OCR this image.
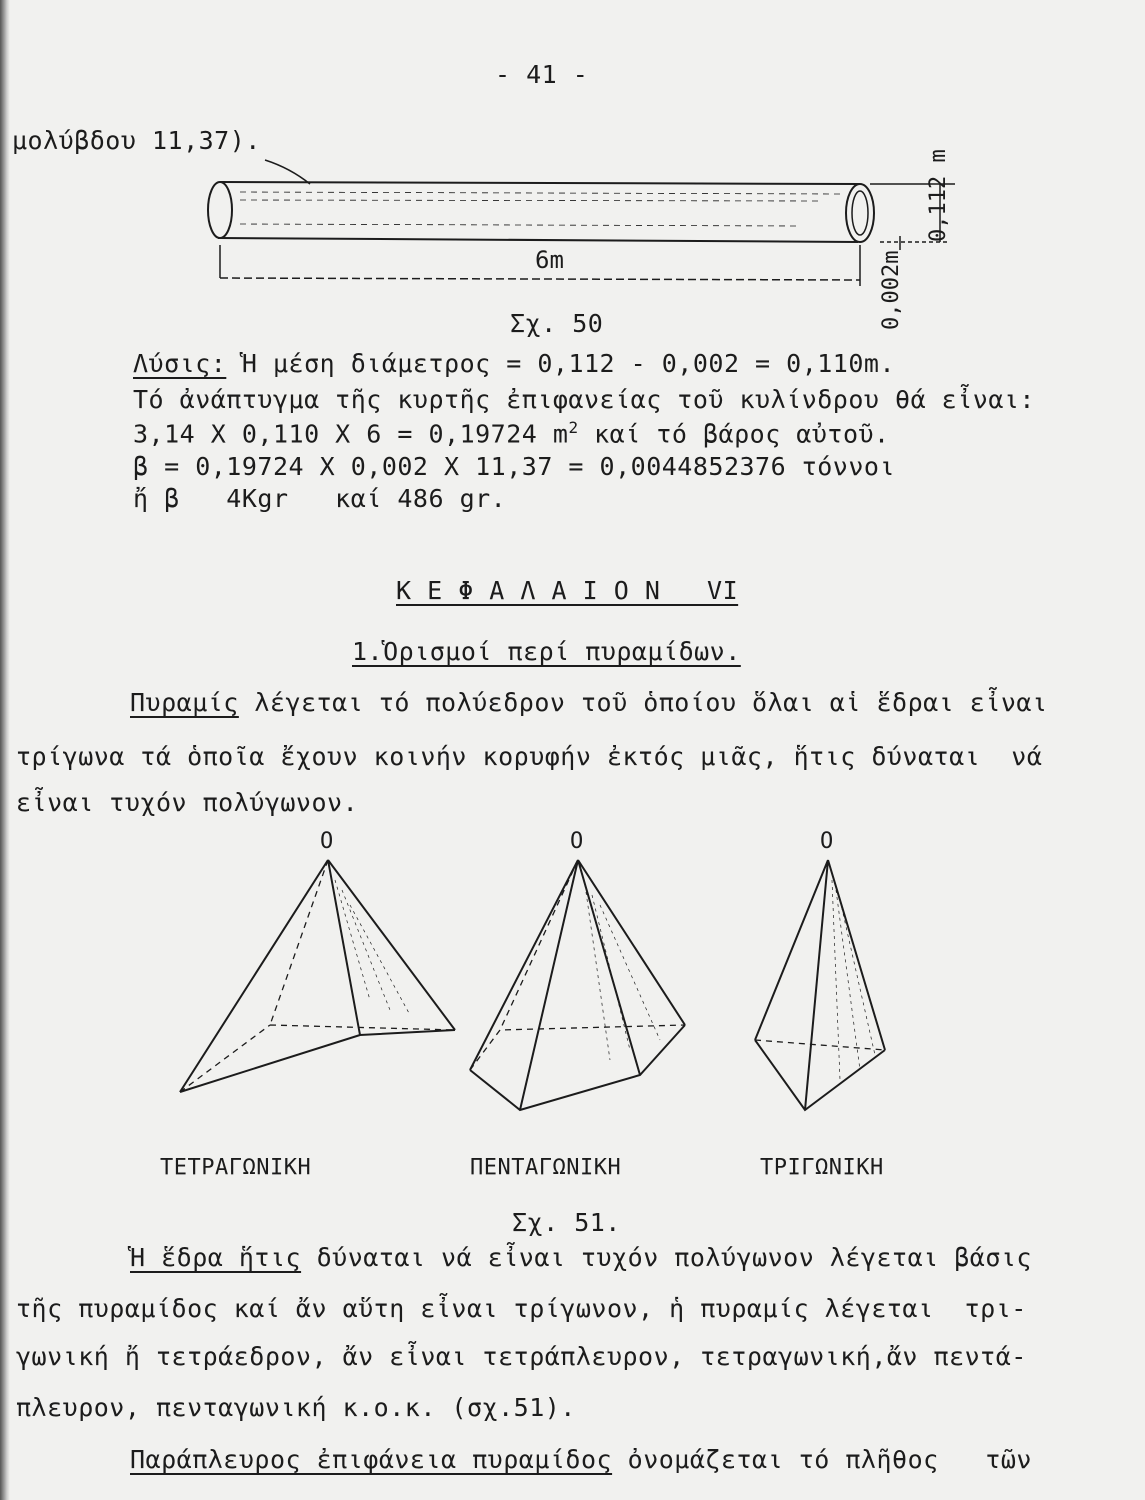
- 41 -
μολύβδου 11,37).
6m
0,112 m
0,002m
Σχ. 50
Λύσις: Ἡ μέση διάμετρος = 0,112 - 0,002 = 0,110m.
Τό ἀνάπτυγμα τῆς κυρτῆς ἐπιφανείας τοῦ κυλίνδρου θά εἶναι:
3,14 Χ 0,110 Χ 6 = 0,19724 $m^2$ καί τό βάρος αὐτοῦ.
β = 0,19724 Χ 0,002 Χ 11,37 = 0,0044852376 τόννοι
ἤ β   4Kgr   καί 486 gr.
Κ Ε Φ Α Λ Α Ι Ο Ν   VI
1.Ὁρισμοί περί πυραμίδων.
Πυραμίς λέγεται τό πολύεδρον τοῦ ὁποίου ὅλαι αἱ ἕδραι εἶναι
τρίγωνα τά ὁποῖα ἔχουν κοινήν κορυφήν ἐκτός μιᾶς, ἥτις δύναται  νά
εἶναι τυχόν πολύγωνον.
O	O	O
ΤΕΤΡΑΓΩΝΙΚΗ	ΠΕΝΤΑΓΩΝΙΚΗ	ΤΡΙΓΩΝΙΚΗ
Σχ. 51.
Ἡ ἕδρα ἥτις δύναται νά εἶναι τυχόν πολύγωνον λέγεται βάσις
τῆς πυραμίδος καί ἄν αὕτη εἶναι τρίγωνον, ἡ πυραμίς λέγεται  τρι-
γωνική ἤ τετράεδρον, ἄν εἶναι τετράπλευρον, τετραγωνική,ἄν πεντά-
πλευρον, πενταγωνική κ.ο.κ. (σχ.51).
Παράπλευρος ἐπιφάνεια πυραμίδος ὀνομάζεται τό πλῆθος   τῶν
